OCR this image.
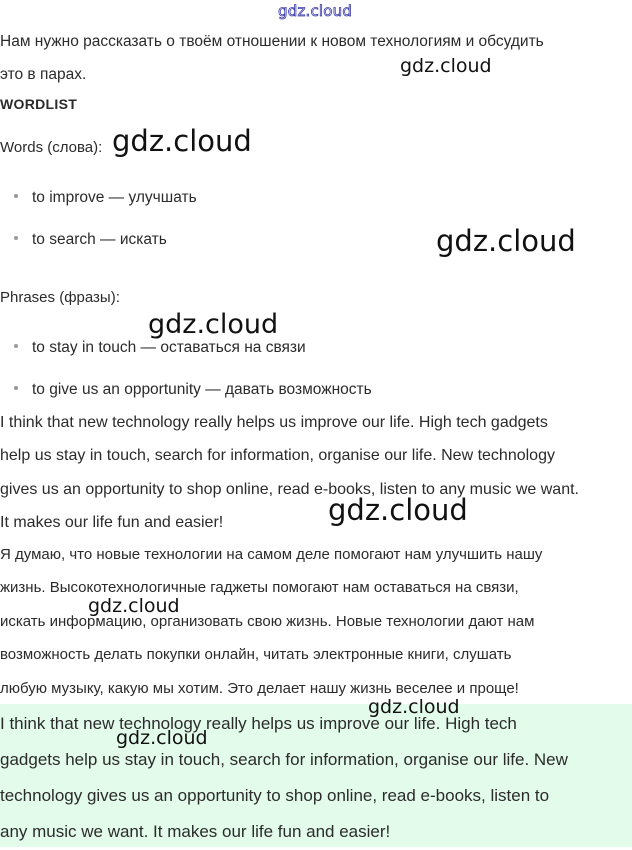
gdz.cloud
Нам нужно рассказать о твоём отношении к новом технологиям и обсудить
это в парах.
WORDLIST
Words (слова):
to improve — улучшать
to search — искать
Phrases (фразы):
to stay in touch — оставаться на связи
to give us an opportunity — давать возможность
I think that new technology really helps us improve our life. High tech gadgets
help us stay in touch, search for information, organise our life. New technology
gives us an opportunity to shop online, read e-books, listen to any music we want.
It makes our life fun and easier!
Я думаю, что новые технологии на самом деле помогают нам улучшить нашу
жизнь. Высокотехнологичные гаджеты помогают нам оставаться на связи,
искать информацию, организовать свою жизнь. Новые технологии дают нам
возможность делать покупки онлайн, читать электронные книги, слушать
любую музыку, какую мы хотим. Это делает нашу жизнь веселее и проще!

I think that new technology really helps us improve our life. High tech
gadgets help us stay in touch, search for information, organise our life. New
technology gives us an opportunity to shop online, read e-books, listen to
any music we want. It makes our life fun and easier!

gdz.cloud
gdz.cloud
gdz.cloud
gdz.cloud
gdz.cloud
gdz.cloud
gdz.cloud
gdz.cloud
